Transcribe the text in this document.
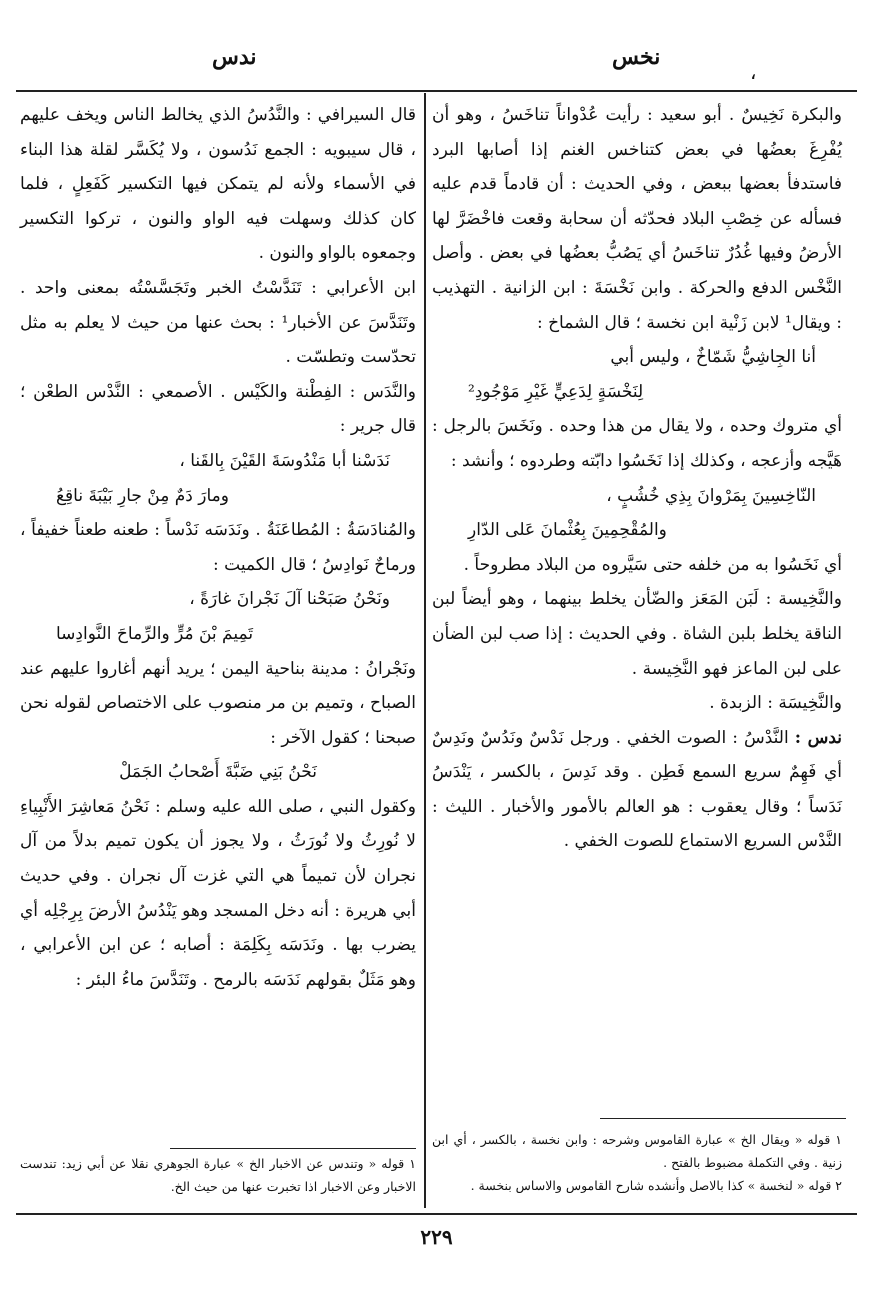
ندس	نخس
،

والبكرة نَخِيسٌ . أبو سعيد : رأيت عُدْواناً تناخَسُ ، وهو أن يُفْرِغَ بعضُها في بعض كتناخس الغنم إذا أصابها البرد فاستدفأ بعضها ببعض ، وفي الحديث : أن قادماً قدم عليه فسأله عن خِصْبِ البلاد فحدّثه أن سحابة وقعت فاخْضَرَّ لها الأرضُ وفيها غُدُرٌ تناخَسُ أي يَصُبُّ بعضُها في بعض . وأصل النَّخْس الدفع والحركة . وابن نَخْسَةَ : ابن الزانية . التهذيب : ويقال¹ لابن زَنْية ابن نخسة ؛ قال الشماخ :

أنا الجِاشِيُّ شَمّاخٌ ، وليس أبي
لِنَخْسَةٍ لِدَعِيٍّ غَيْرِ مَوْجُودِ²

أي متروك وحده ، ولا يقال من هذا وحده . ونَخَسَ بالرجل : هَيَّجه وأزعجه ، وكذلك إذا نَخَسُوا دابّته وطردوه ؛ وأنشد :

النّاخِسِينَ بِمَرْوانَ بِذِي خُشُبٍ ،
والمُقْحِمِينَ بِعُثْمانَ عَلى الدّارِ

أي نَخَسُوا به من خلفه حتى سَيَّروه من البلاد مطروحاً .

والنَّخِيسة : لَبَن المَعَز والضّأن يخلط بينهما ، وهو أيضاً لبن الناقة يخلط بلبن الشاة . وفي الحديث : إذا صب لبن الضأن على لبن الماعز فهو النَّخِيسة .

والنَّخِيسَة : الزبدة .

ندس : النَّدْسُ : الصوت الخفي . ورجل نَدْسٌ ونَدُسٌ ونَدِسٌ أي فَهِمٌ سريع السمع فَطِن . وقد نَدِسَ ، بالكسر ، يَنْدَسُ نَدَساً ؛ وقال يعقوب : هو العالم بالأمور والأخبار . الليث : النَّدْس السريع الاستماع للصوت الخفي .

قال السيرافي : والنَّدُسُ الذي يخالط الناس ويخف عليهم ، قال سيبويه : الجمع نَدُسون ، ولا يُكَسَّر لقلة هذا البناء في الأسماء ولأنه لم يتمكن فيها التكسير كَفَعِلٍ ، فلما كان كذلك وسهلت فيه الواو والنون ، تركوا التكسير وجمعوه بالواو والنون .

ابن الأعرابي : تَنَدَّسْتُ الخبر وتَجَسَّسْتُه بمعنى واحد . وتَنَدَّسَ عن الأخبار¹ : بحث عنها من حيث لا يعلم به مثل تحدّست وتطسّت .

والنَّدَس : الفِطْنة والكَيْس . الأصمعي : النَّدْس الطعْن ؛ قال جرير :

نَدَسْنا أبا مَنْدُوسَةَ القَيْنَ بِالقَنا ،
ومارَ دَمٌ مِنْ جارِ بَيْبَةَ ناقِعُ

والمُنادَسَةُ : المُطاعَنَةُ . ونَدَسَه نَدْساً : طعنه طعناً خفيفاً ، ورماحٌ نَوادِسُ ؛ قال الكميت :

ونَحْنُ صَبَحْنا آلَ نَجْرانَ غارَةً ،
تَمِيمَ بْنَ مُرٍّ والرِّماحَ النَّوادِسا

ونَجْرانُ : مدينة بناحية اليمن ؛ يريد أنهم أغاروا عليهم عند الصباح ، وتميم بن مر منصوب على الاختصاص لقوله نحن صبحنا ؛ كقول الآخر :

نَحْنُ بَنِي ضَبَّةَ أَصْحابُ الجَمَلْ

وكقول النبي ، صلى الله عليه وسلم : نَحْنُ مَعاشِرَ الأَنْبِياءِ لا نُورِثُ ولا نُورَثُ ، ولا يجوز أن يكون تميم بدلاً من آل نجران لأن تميماً هي التي غزت آل نجران . وفي حديث أبي هريرة : أنه دخل المسجد وهو يَنْدُسُ الأرضَ بِرِجْلِه أي يضرب بها . ونَدَسَه بِكَلِمَة : أصابه ؛ عن ابن الأعرابي ، وهو مَثَلٌ بقولهم نَدَسَه بالرمح . وتَنَدَّسَ ماءُ البئر :

١ قوله « ويقال الخ » عبارة القاموس وشرحه : وابن نخسة ، بالكسر ، أي ابن زنية . وفي التكملة مضبوط بالفتح .

٢ قوله « لنخسة » كذا بالاصل وأنشده شارح القاموس والاساس بنخسة .

١ قوله « وتندس عن الاخبار الخ » عبارة الجوهري نقلا عن أبي زيد: تندست الاخبار وعن الاخبار اذا تخبرت عنها من حيث الخ.

٢٢٩
